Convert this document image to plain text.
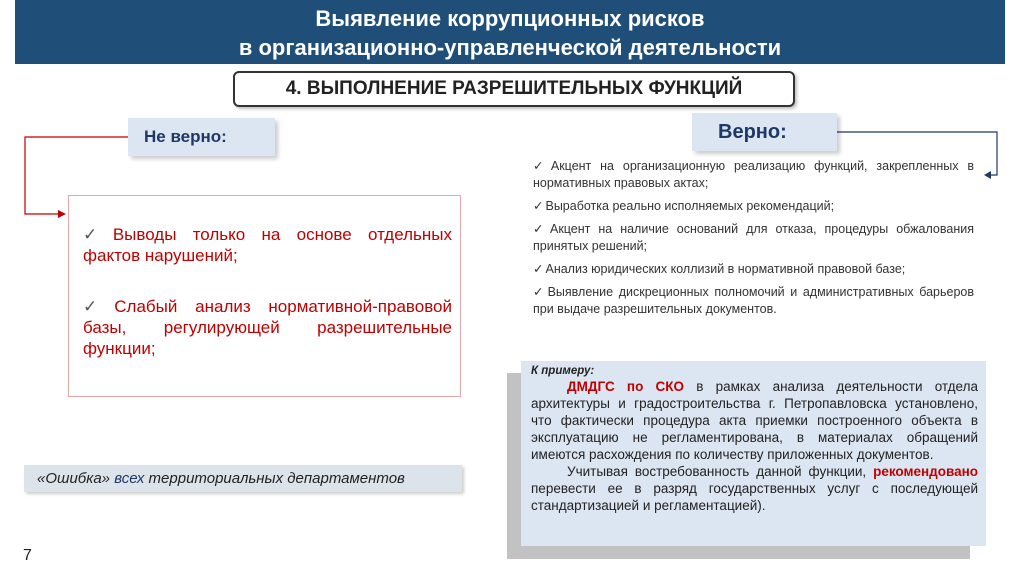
Выявление коррупционных рисков
в организационно-управленческой деятельности
4. ВЫПОЛНЕНИЕ РАЗРЕШИТЕЛЬНЫХ ФУНКЦИЙ
Не верно:
✓ Выводы только на основе отдельных фактов нарушений;
✓ Слабый анализ нормативной-правовой базы, регулирующей разрешительные функции;
«Ошибка» всех территориальных департаментов
Верно:
✓ Акцент на организационную реализацию функций, закрепленных в нормативных правовых актах;
✓ Выработка реально исполняемых рекомендаций;
✓ Акцент на наличие оснований для отказа, процедуры обжалования принятых решений;
✓ Анализ юридических коллизий в нормативной правовой базе;
✓ Выявление дискреционных полномочий и административных барьеров при выдаче разрешительных документов.
К примеру:
ДМДГС по СКО в рамках анализа деятельности отдела архитектуры и градостроительства г. Петропавловска установлено, что фактически процедура акта приемки построенного объекта в эксплуатацию не регламентирована, в материалах обращений имеются расхождения по количеству приложенных документов.
Учитывая востребованность данной функции, рекомендовано перевести ее в разряд государственных услуг с последующей стандартизацией и регламентацией).
7
